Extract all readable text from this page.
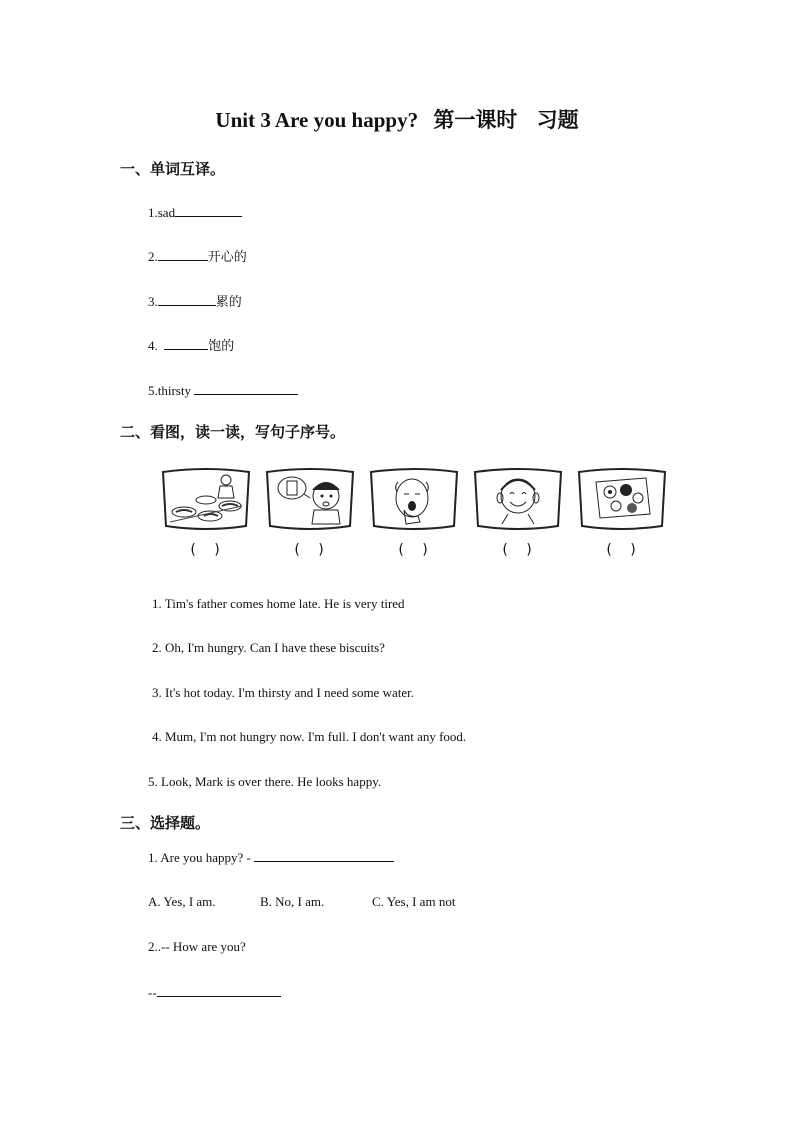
Unit 3 Are you happy? 第一课时 习题
一、单词互译。
1.sad
2.	开心的
3.	累的
4.	饱的
5.thirsty
二、看图，读一读，写句子序号。
( )	( )	( )	( )	( )
1. Tim's father comes home late. He is very tired
2. Oh, I'm hungry. Can I have these biscuits?
3. It's hot today. I'm thirsty and I need some water.
4. Mum, I'm not hungry now. I'm full. I don't want any food.
5. Look, Mark is over there. He looks happy.
三、选择题。
1. Are you happy? -
A. Yes, I am.	B. No, I am.	C. Yes, I am not
2..-- How are you?
--
